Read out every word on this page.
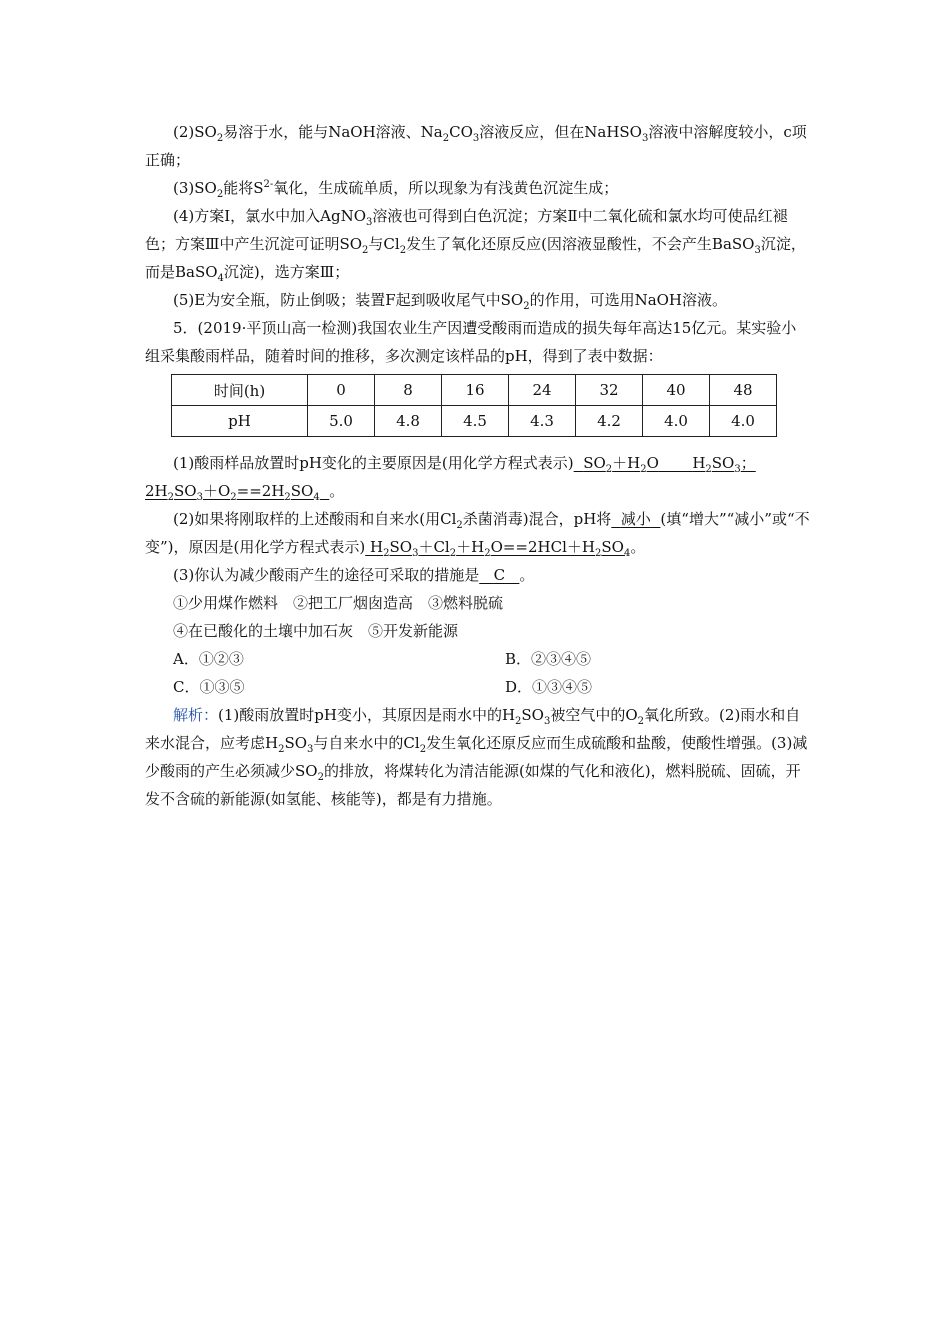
$(2)SO_2$易溶于水，能与NaOH溶液、$Na_2CO_3$溶液反应，但在NaHSO$_3$溶液中溶解度较小，c项正确；

$(3)SO_2$能将$S^{2-}$氧化，生成硫单质，所以现象为有浅黄色沉淀生成；

(4)方案Ⅰ，氯水中加入AgNO$_3$溶液也可得到白色沉淀；方案Ⅱ中二氧化硫和氯水均可使品红褪色；方案Ⅲ中产生沉淀可证明$SO_2$与$Cl_2$发生了氧化还原反应(因溶液显酸性，不会产生BaSO$_3$沉淀，而是BaSO$_4$沉淀)，选方案Ⅲ；

(5)E为安全瓶，防止倒吸；装置F起到吸收尾气中$SO_2$的作用，可选用NaOH溶液。

5．(2019·平顶山高一检测)我国农业生产因遭受酸雨而造成的损失每年高达15亿元。某实验小组采集酸雨样品，随着时间的推移，多次测定该样品的pH，得到了表中数据：

时间(h)	0	8	16	24	32	40	48
pH	5.0	4.8	4.5	4.3	4.2	4.0	4.0

(1)酸雨样品放置时pH变化的主要原因是(用化学方程式表示) $SO_2+H_2O$ $H_2SO_3$； $2H_2SO_3+O_2==2H_2SO_4$ 。

(2)如果将刚取样的上述酸雨和自来水(用$Cl_2$杀菌消毒)混合，pH将 减小 (填“增大”“减小”或“不变”)，原因是(用化学方程式表示) $H_2SO_3+Cl_2+H_2O==2HCl+H_2SO_4$。

(3)你认为减少酸雨产生的途径可采取的措施是 C 。

①少用煤作燃料　②把工厂烟囱造高　③燃料脱硫

④在已酸化的土壤中加石灰　⑤开发新能源

A．①②③	B．②③④⑤
C．①③⑤	D．①③④⑤

解析：(1)酸雨放置时pH变小，其原因是雨水中的$H_2SO_3$被空气中的$O_2$氧化所致。(2)雨水和自来水混合，应考虑$H_2SO_3$与自来水中的$Cl_2$发生氧化还原反应而生成硫酸和盐酸，使酸性增强。(3)减少酸雨的产生必须减少$SO_2$的排放，将煤转化为清洁能源(如煤的气化和液化)，燃料脱硫、固硫，开发不含硫的新能源(如氢能、核能等)，都是有力措施。
